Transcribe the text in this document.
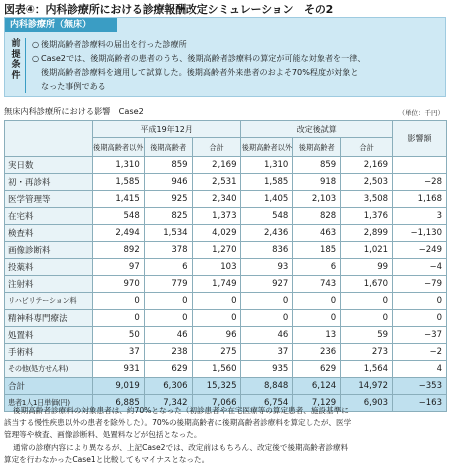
図表④：内科診療所における診療報酬改定シミュレーション　その2
内科診療所（無床）
前
提
条
件
○ 後期高齢者診療料の届出を行った診療所
○ Case2では、後期高齢者の患者のうち、後期高齢者診療料の算定が可能な対象者を一律、
後期高齢者診療料を適用して試算した。後期高齢者外来患者のおよそ70%程度が対象と
なった事例である
無床内科診療所における影響　Case2	（単位：千円）
	平成19年12月			改定後試算			影響額
	後期高齢者以外	後期高齢者	合計	後期高齢者以外	後期高齢者	合計	
実日数	1,310	859	2,169	1,310	859	2,169	
初・再診料	1,585	946	2,531	1,585	918	2,503	−28
医学管理等	1,415	925	2,340	1,405	2,103	3,508	1,168
在宅料	548	825	1,373	548	828	1,376	3
検査料	2,494	1,534	4,029	2,436	463	2,899	−1,130
画像診断料	892	378	1,270	836	185	1,021	−249
投薬料	97	6	103	93	6	99	−4
注射料	970	779	1,749	927	743	1,670	−79
リハビリテーション料	0	0	0	0	0	0	0
精神科専門療法	0	0	0	0	0	0	0
処置料	50	46	96	46	13	59	−37
手術料	37	238	275	37	236	273	−2
その他(処方せん料)	931	629	1,560	935	629	1,564	4
合計	9,019	6,306	15,325	8,848	6,124	14,972	−353
患者1人1日単価(円)	6,885	7,342	7,066	6,754	7,129	6,903	−163
後期高齢者診療料の対象患者は、約70%となった（初診患者や在宅医療等の算定患者、施設基準に
該当する慢性疾患以外の患者を除外した）。70%の後期高齢者に後期高齢者診療料を算定したが、医学
管理等や検査、画像診断料、処置料などが包括となった。
通常の診療内容により異なるが、上記Case2では、改定前はもちろん、改定後で後期高齢者診療料
算定を行わなかったCase1と比較してもマイナスとなった。
